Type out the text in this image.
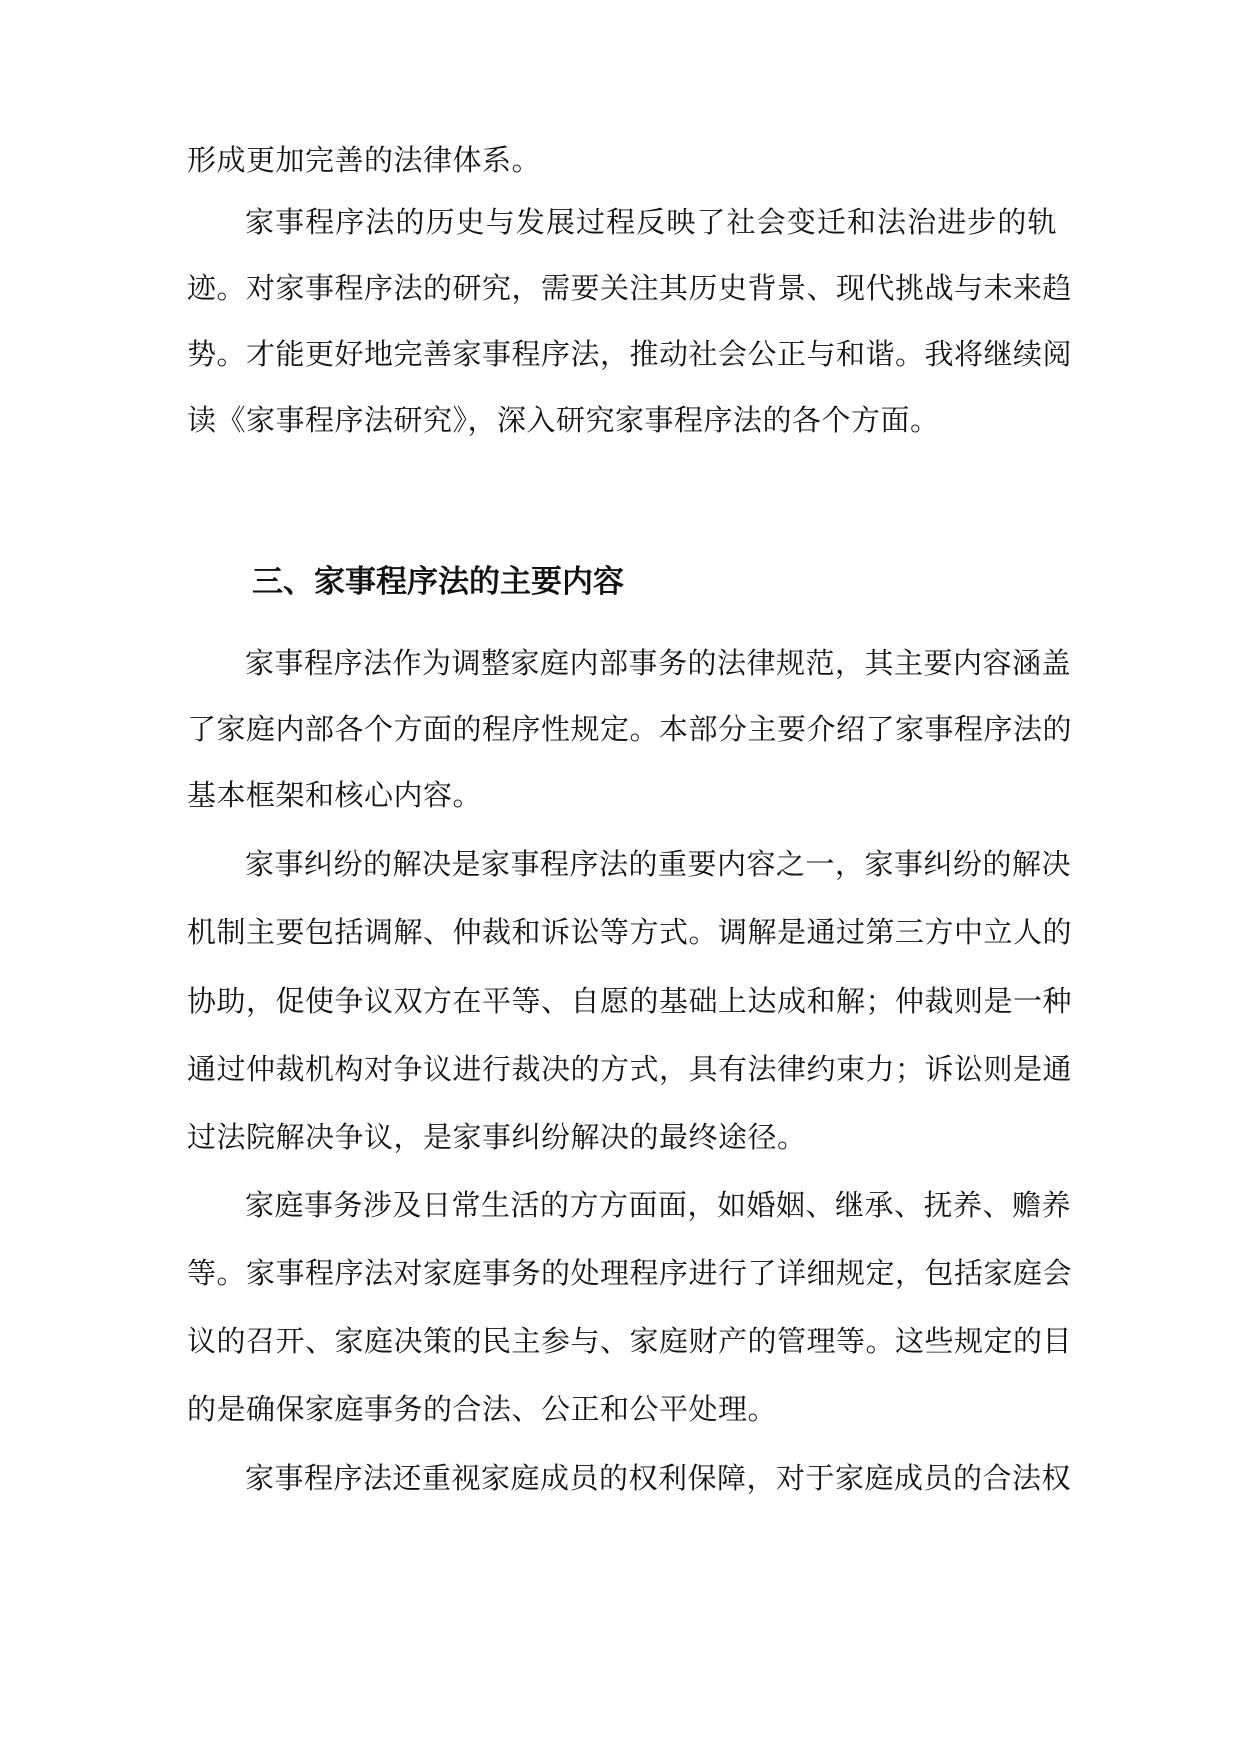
形成更加完善的法律体系。
家事程序法的历史与发展过程反映了社会变迁和法治进步的轨
迹。对家事程序法的研究，需要关注其历史背景、现代挑战与未来趋
势。才能更好地完善家事程序法，推动社会公正与和谐。我将继续阅
读《家事程序法研究》，深入研究家事程序法的各个方面。
三、家事程序法的主要内容
家事程序法作为调整家庭内部事务的法律规范，其主要内容涵盖
了家庭内部各个方面的程序性规定。本部分主要介绍了家事程序法的
基本框架和核心内容。
家事纠纷的解决是家事程序法的重要内容之一，家事纠纷的解决
机制主要包括调解、仲裁和诉讼等方式。调解是通过第三方中立人的
协助，促使争议双方在平等、自愿的基础上达成和解；仲裁则是一种
通过仲裁机构对争议进行裁决的方式，具有法律约束力；诉讼则是通
过法院解决争议，是家事纠纷解决的最终途径。
家庭事务涉及日常生活的方方面面，如婚姻、继承、抚养、赡养
等。家事程序法对家庭事务的处理程序进行了详细规定，包括家庭会
议的召开、家庭决策的民主参与、家庭财产的管理等。这些规定的目
的是确保家庭事务的合法、公正和公平处理。
家事程序法还重视家庭成员的权利保障，对于家庭成员的合法权
